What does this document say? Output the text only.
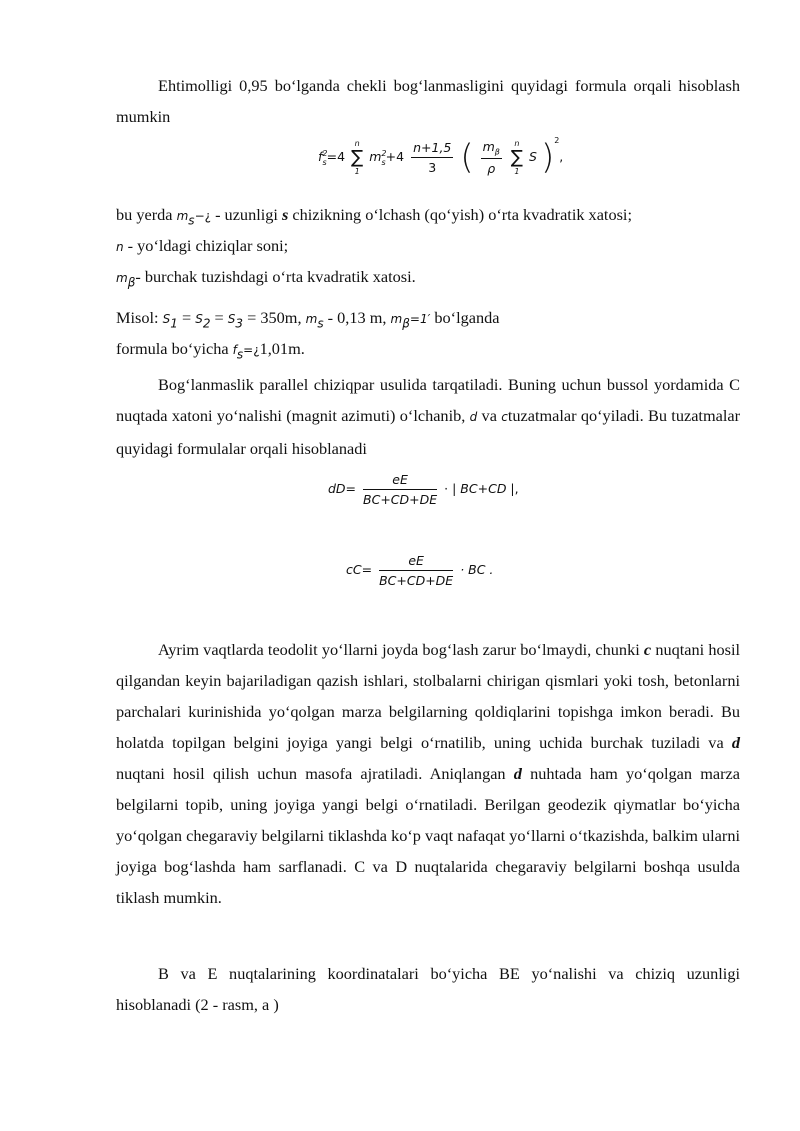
Ehtimolligi 0,95 bo‘lganda chekli bog‘lanmasligini quyidagi formula orqali hisoblash mumkin

$f^2_s=4$
n
∑
1
$m^2_s+4 \frac{n+1,5}{3}$ ( $\frac{m_\beta}{\rho}$
	n
∑
1
S )$^2$,
bu yerda $m_s-¿$ - uzunligi s chizikning o‘lchash (qo‘yish) o‘rta kvadratik xatosi;
n - yo‘ldagi chiziqlar soni;
$m_\beta-$ burchak tuzishdagi o‘rta kvadratik xatosi.
Misol: $S_1 = S_2 = S_3 = 350m$, $m_s - 0,13$ m, $m_\beta=1'$ bo‘lganda
formula bo‘yicha $f_s=¿1,01m$.

Bog‘lanmaslik parallel chiziqpar usulida tarqatiladi. Buning uchun bussol yordamida C nuqtada xatoni yo‘nalishi (magnit azimuti) o‘lchanib, d va ctuzatmalar qo‘yiladi. Bu tuzatmalar quyidagi formulalar orqali hisoblanadi

$dD= \frac{eE}{BC+CD+DE}$ · | BC+CD |,
$cC= \frac{eE}{BC+CD+DE}$ · BC .

Ayrim vaqtlarda teodolit yo‘llarni joyda bog‘lash zarur bo‘lmaydi, chunki c nuqtani hosil qilgandan keyin bajariladigan qazish ishlari, stolbalarni chirigan qismlari yoki tosh, betonlarni parchalari kurinishida yo‘qolgan marza belgilarning qoldiqlarini topishga imkon beradi. Bu holatda topilgan belgini joyiga yangi belgi o‘rnatilib, uning uchida burchak tuziladi va d nuqtani hosil qilish uchun masofa ajratiladi. Aniqlangan d nuhtada ham yo‘qolgan marza belgilarni topib, uning joyiga yangi belgi o‘rnatiladi. Berilgan geodezik qiymatlar bo‘yicha yo‘qolgan chegaraviy belgilarni tiklashda ko‘p vaqt nafaqat yo‘llarni o‘tkazishda, balkim ularni joyiga bog‘lashda ham sarflanadi. C va D nuqtalarida chegaraviy belgilarni boshqa usulda tiklash mumkin.

B va E nuqtalarining koordinatalari bo‘yicha BE yo‘nalishi va chiziq uzunligi hisoblanadi (2 - rasm, a )
